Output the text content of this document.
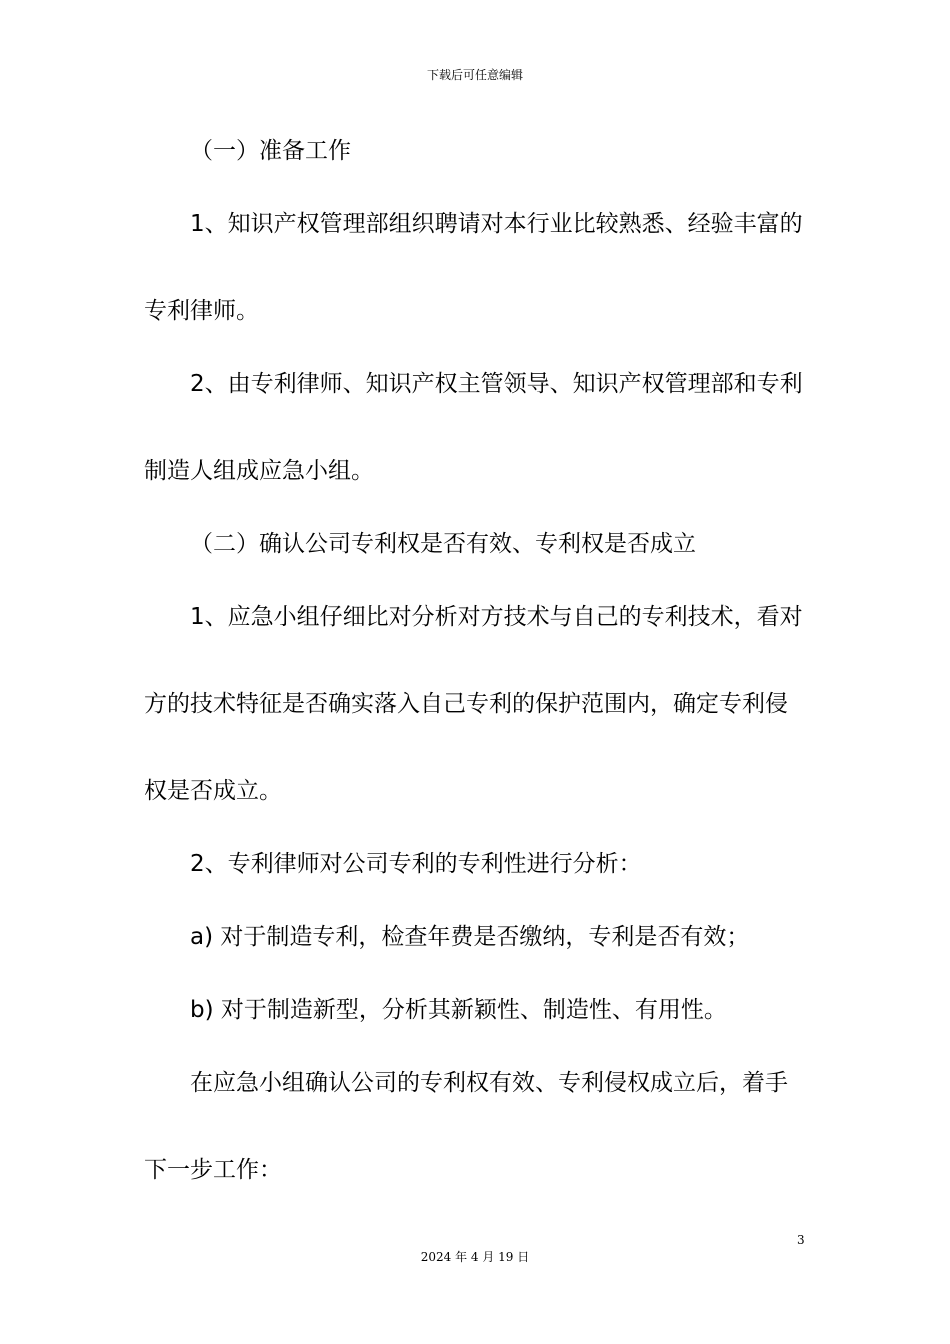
下载后可任意编辑
（一）准备工作
1、知识产权管理部组织聘请对本行业比较熟悉、经验丰富的
专利律师。
2、由专利律师、知识产权主管领导、知识产权管理部和专利
制造人组成应急小组。
（二）确认公司专利权是否有效、专利权是否成立
1、应急小组仔细比对分析对方技术与自己的专利技术，看对
方的技术特征是否确实落入自己专利的保护范围内，确定专利侵
权是否成立。
2、专利律师对公司专利的专利性进行分析：
a) 对于制造专利，检查年费是否缴纳，专利是否有效；
b) 对于制造新型，分析其新颖性、制造性、有用性。
在应急小组确认公司的专利权有效、专利侵权成立后，着手
下一步工作：
3
2024 年 4 月 19 日
